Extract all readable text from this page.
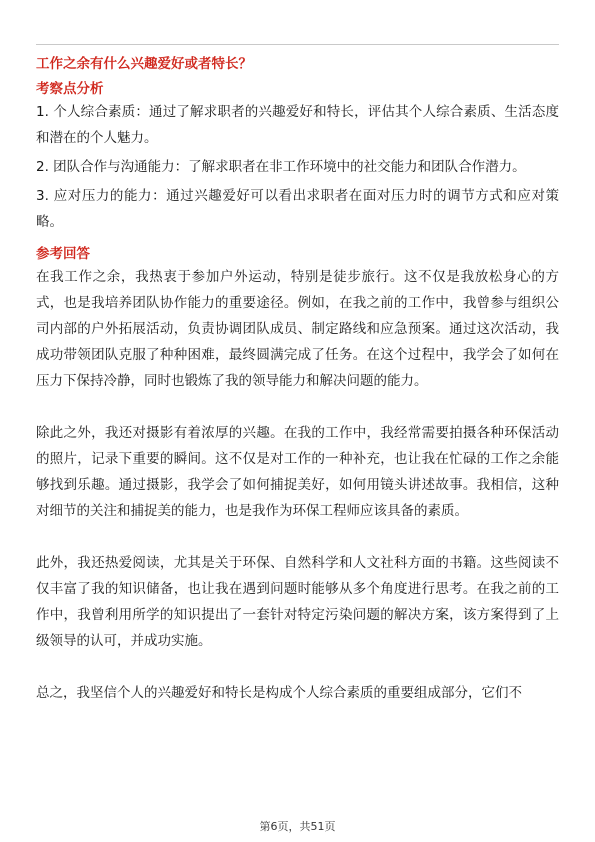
工作之余有什么兴趣爱好或者特长？

考察点分析

1. 个人综合素质：通过了解求职者的兴趣爱好和特长，评估其个人综合素质、生活态度和潜在的个人魅力。

2. 团队合作与沟通能力：了解求职者在非工作环境中的社交能力和团队合作潜力。

3. 应对压力的能力：通过兴趣爱好可以看出求职者在面对压力时的调节方式和应对策略。

参考回答

在我工作之余，我热衷于参加户外运动，特别是徒步旅行。这不仅是我放松身心的方式，也是我培养团队协作能力的重要途径。例如，在我之前的工作中，我曾参与组织公司内部的户外拓展活动，负责协调团队成员、制定路线和应急预案。通过这次活动，我成功带领团队克服了种种困难，最终圆满完成了任务。在这个过程中，我学会了如何在压力下保持冷静，同时也锻炼了我的领导能力和解决问题的能力。

除此之外，我还对摄影有着浓厚的兴趣。在我的工作中，我经常需要拍摄各种环保活动的照片，记录下重要的瞬间。这不仅是对工作的一种补充，也让我在忙碌的工作之余能够找到乐趣。通过摄影，我学会了如何捕捉美好，如何用镜头讲述故事。我相信，这种对细节的关注和捕捉美的能力，也是我作为环保工程师应该具备的素质。

此外，我还热爱阅读，尤其是关于环保、自然科学和人文社科方面的书籍。这些阅读不仅丰富了我的知识储备，也让我在遇到问题时能够从多个角度进行思考。在我之前的工作中，我曾利用所学的知识提出了一套针对特定污染问题的解决方案，该方案得到了上级领导的认可，并成功实施。

总之，我坚信个人的兴趣爱好和特长是构成个人综合素质的重要组成部分，它们不

第6页，共51页
